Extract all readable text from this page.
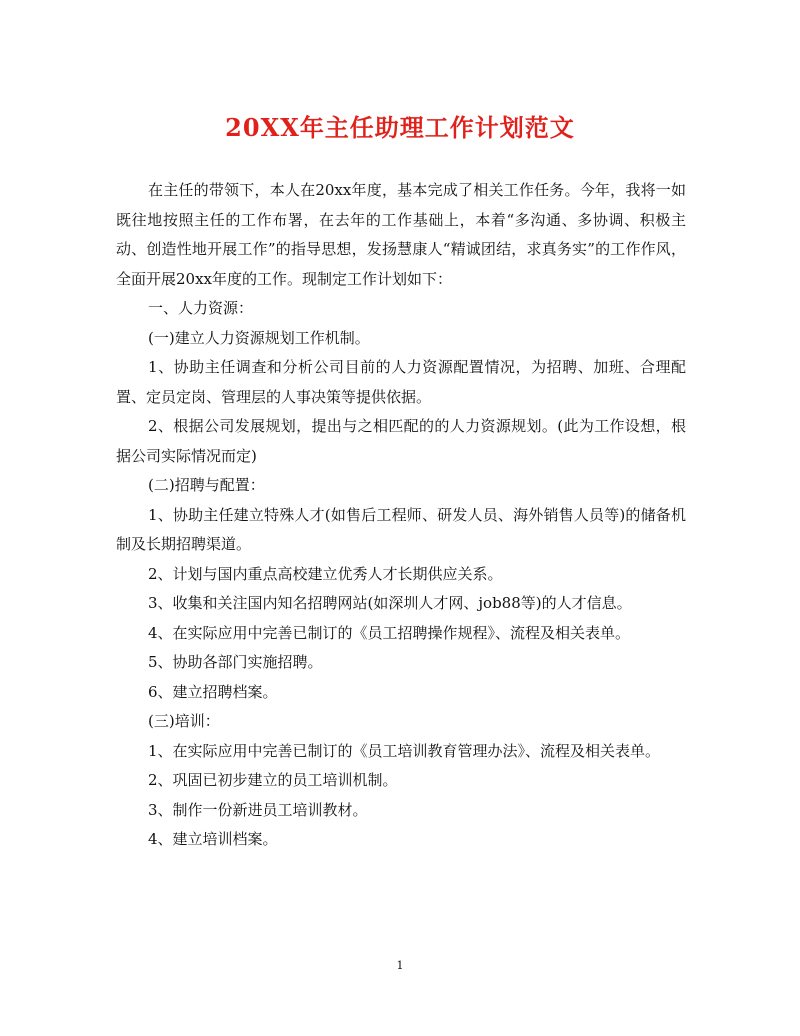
20XX年主任助理工作计划范文

在主任的带领下，本人在20xx年度，基本完成了相关工作任务。今年，我将一如既往地按照主任的工作布署，在去年的工作基础上，本着“多沟通、多协调、积极主动、创造性地开展工作”的指导思想，发扬慧康人“精诚团结，求真务实”的工作作风，全面开展20xx年度的工作。现制定工作计划如下：

一、人力资源：

(一)建立人力资源规划工作机制。

1、协助主任调查和分析公司目前的人力资源配置情况，为招聘、加班、合理配置、定员定岗、管理层的人事决策等提供依据。

2、根据公司发展规划，提出与之相匹配的的人力资源规划。(此为工作设想，根据公司实际情况而定)

(二)招聘与配置：

1、协助主任建立特殊人才(如售后工程师、研发人员、海外销售人员等)的储备机制及长期招聘渠道。

2、计划与国内重点高校建立优秀人才长期供应关系。

3、收集和关注国内知名招聘网站(如深圳人才网、job88等)的人才信息。

4、在实际应用中完善已制订的《员工招聘操作规程》、流程及相关表单。

5、协助各部门实施招聘。

6、建立招聘档案。

(三)培训：

1、在实际应用中完善已制订的《员工培训教育管理办法》、流程及相关表单。

2、巩固已初步建立的员工培训机制。

3、制作一份新进员工培训教材。

4、建立培训档案。

1
